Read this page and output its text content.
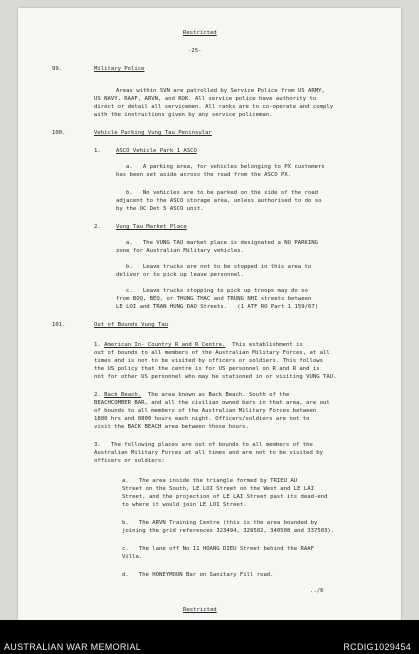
Restricted
-25-
99.	Military Police
Areas within SVN are patrolled by Service Police from US ARMY,
US NAVY, RAAF, ARVN, and ROK. All service police have authority to
direct or detail all servicemen. All ranks are to co-operate and comply
with the instructions given by any service policeman.
100.	Vehicle Parking Vung Tau Peninsular
1.	ASCO Vehicle Park 1 ASCO
a.   A parking area, for vehicles belonging to PX customers
has been set aside across the road from the ASCO PX.
b.   No vehicles are to be parked on the side of the road
adjacent to the ASCO storage area, unless authorised to do so
by the OC Det 5 ASCO unit.
2.	Vung Tau Market Place
a.   The VUNG TAU market place is designated a NO PARKING
zone for Australian Military vehicles.
b.   Leave trucks are not to be stopped in this area to
deliver or to pick up leave personnel.
c.   Leave trucks stopping to pick up troops may do so
from BOQ, BEQ, or THUNG THAC and TRUNG NHI streets between
LE LOI and TRAN HUNG DAO Streets.   (1 ATF RO Part 1 159/67)
101.	Out of Bounds Vung Tau
1. American In- Country R and R Centre.  This establishment is
out of bounds to all members of the Australian Military Forces, at all
times and is not to be visited by officers or soldiers. This follows
the US policy that the centre is for US personnel on R and R and is
not for other US personnel who may be stationed in or visiting VUNG TAU.
2. Back Beach.  The area known as Back Beach. South of the
BEACHCOMBER BAR, and all the civilian owned bars in that area, are out
of bounds to all members of the Australian Military Forces between
1800 hrs and 0800 hours each night. Officers/soldiers are not to
visit the BACK BEACH area between those hours.
3.   The following places are out of bounds to all members of the
Australian Military Forces at all times and are not to be visited by
officers or soldiers:
a.   The area inside the triangle formed by TRIEU AU
Street on the South, LE LOI Street on the West and LE LAI
Street, and the projection of LE LAI Street past its dead-end
to where it would join LE LOI Street.
b.   The ARVN Training Centre (this is the area bounded by
joining the grid references 323494, 328502, 340508 and 337503).
c.   The lane off No 11 HOANG DIEU Street behind the RAAF
Villa.
d.   The HONEYMOON Bar on Sanitary Fill road.
../6
Restricted
AUSTRALIAN WAR MEMORIAL	RCDIG1029454
